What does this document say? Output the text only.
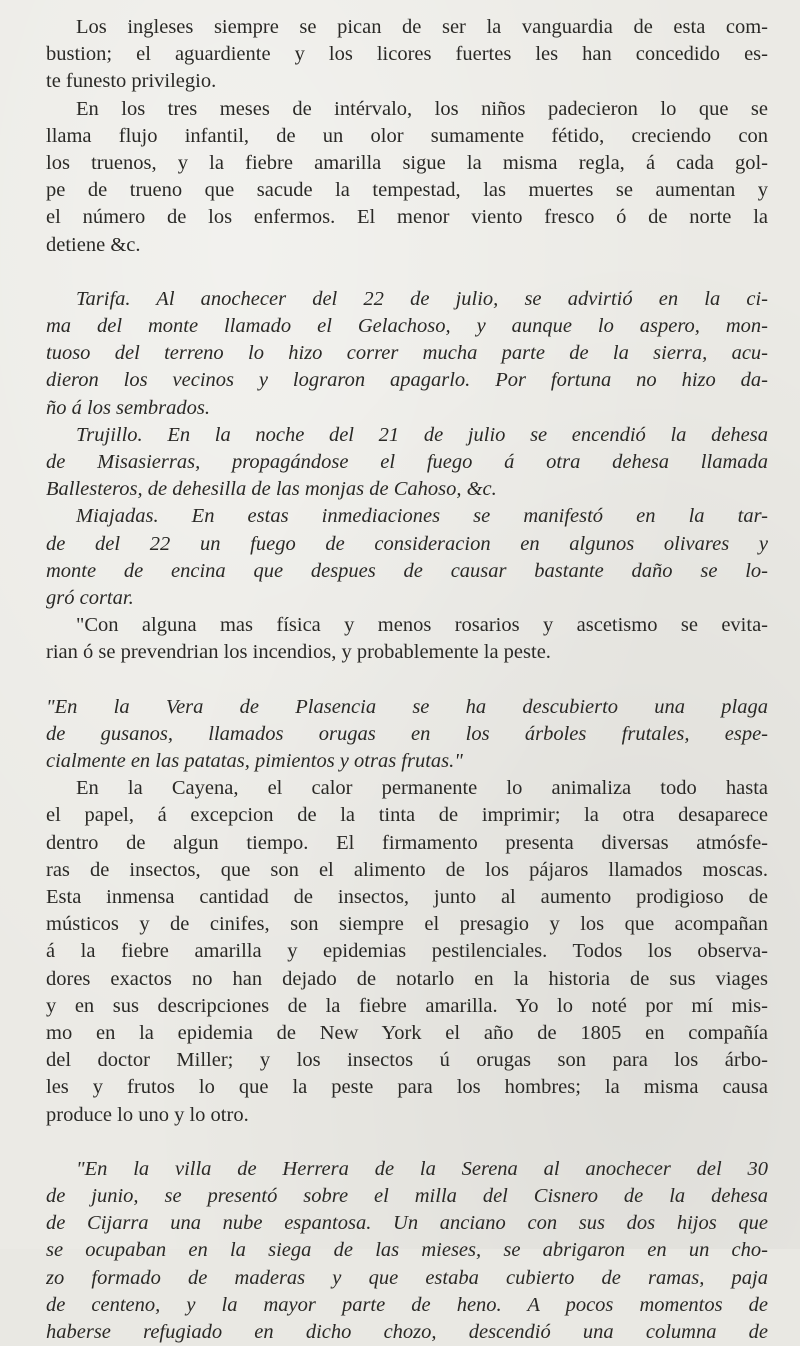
Los ingleses siempre se pican de ser la vanguardia de esta com-
bustion; el aguardiente y los licores fuertes les han concedido es-
te funesto privilegio.
En los tres meses de intérvalo, los niños padecieron lo que se
llama flujo infantil, de un olor sumamente fétido, creciendo con
los truenos, y la fiebre amarilla sigue la misma regla, á cada gol-
pe de trueno que sacude la tempestad, las muertes se aumentan y
el número de los enfermos. El menor viento fresco ó de norte la
detiene &c.
Tarifa. Al anochecer del 22 de julio, se advirtió en la ci-
ma del monte llamado el Gelachoso, y aunque lo aspero, mon-
tuoso del terreno lo hizo correr mucha parte de la sierra, acu-
dieron los vecinos y lograron apagarlo. Por fortuna no hizo da-
ño á los sembrados.
Trujillo. En la noche del 21 de julio se encendió la dehesa
de Misasierras, propagándose el fuego á otra dehesa llamada
Ballesteros, de dehesilla de las monjas de Cahoso, &c.
Miajadas. En estas inmediaciones se manifestó en la tar-
de del 22 un fuego de consideracion en algunos olivares y
monte de encina que despues de causar bastante daño se lo-
gró cortar.
"Con alguna mas física y menos rosarios y ascetismo se evita-
rian ó se prevendrian los incendios, y probablemente la peste.
"En la Vera de Plasencia se ha descubierto una plaga
de gusanos, llamados orugas en los árboles frutales, espe-
cialmente en las patatas, pimientos y otras frutas."
En la Cayena, el calor permanente lo animaliza todo hasta
el papel, á excepcion de la tinta de imprimir; la otra desaparece
dentro de algun tiempo. El firmamento presenta diversas atmósfe-
ras de insectos, que son el alimento de los pájaros llamados moscas.
Esta inmensa cantidad de insectos, junto al aumento prodigioso de
músticos y de cinifes, son siempre el presagio y los que acompañan
á la fiebre amarilla y epidemias pestilenciales. Todos los observa-
dores exactos no han dejado de notarlo en la historia de sus viages
y en sus descripciones de la fiebre amarilla. Yo lo noté por mí mis-
mo en la epidemia de New York el año de 1805 en compañía
del doctor Miller; y los insectos ú orugas son para los árbo-
les y frutos lo que la peste para los hombres; la misma causa
produce lo uno y lo otro.
"En la villa de Herrera de la Serena al anochecer del 30
de junio, se presentó sobre el milla del Cisnero de la dehesa
de Cijarra una nube espantosa. Un anciano con sus dos hijos que
se ocupaban en la siega de las mieses, se abrigaron en un cho-
zo formado de maderas y que estaba cubierto de ramas, paja
de centeno, y la mayor parte de heno. A pocos momentos de
haberse refugiado en dicho chozo, descendió una columna de
